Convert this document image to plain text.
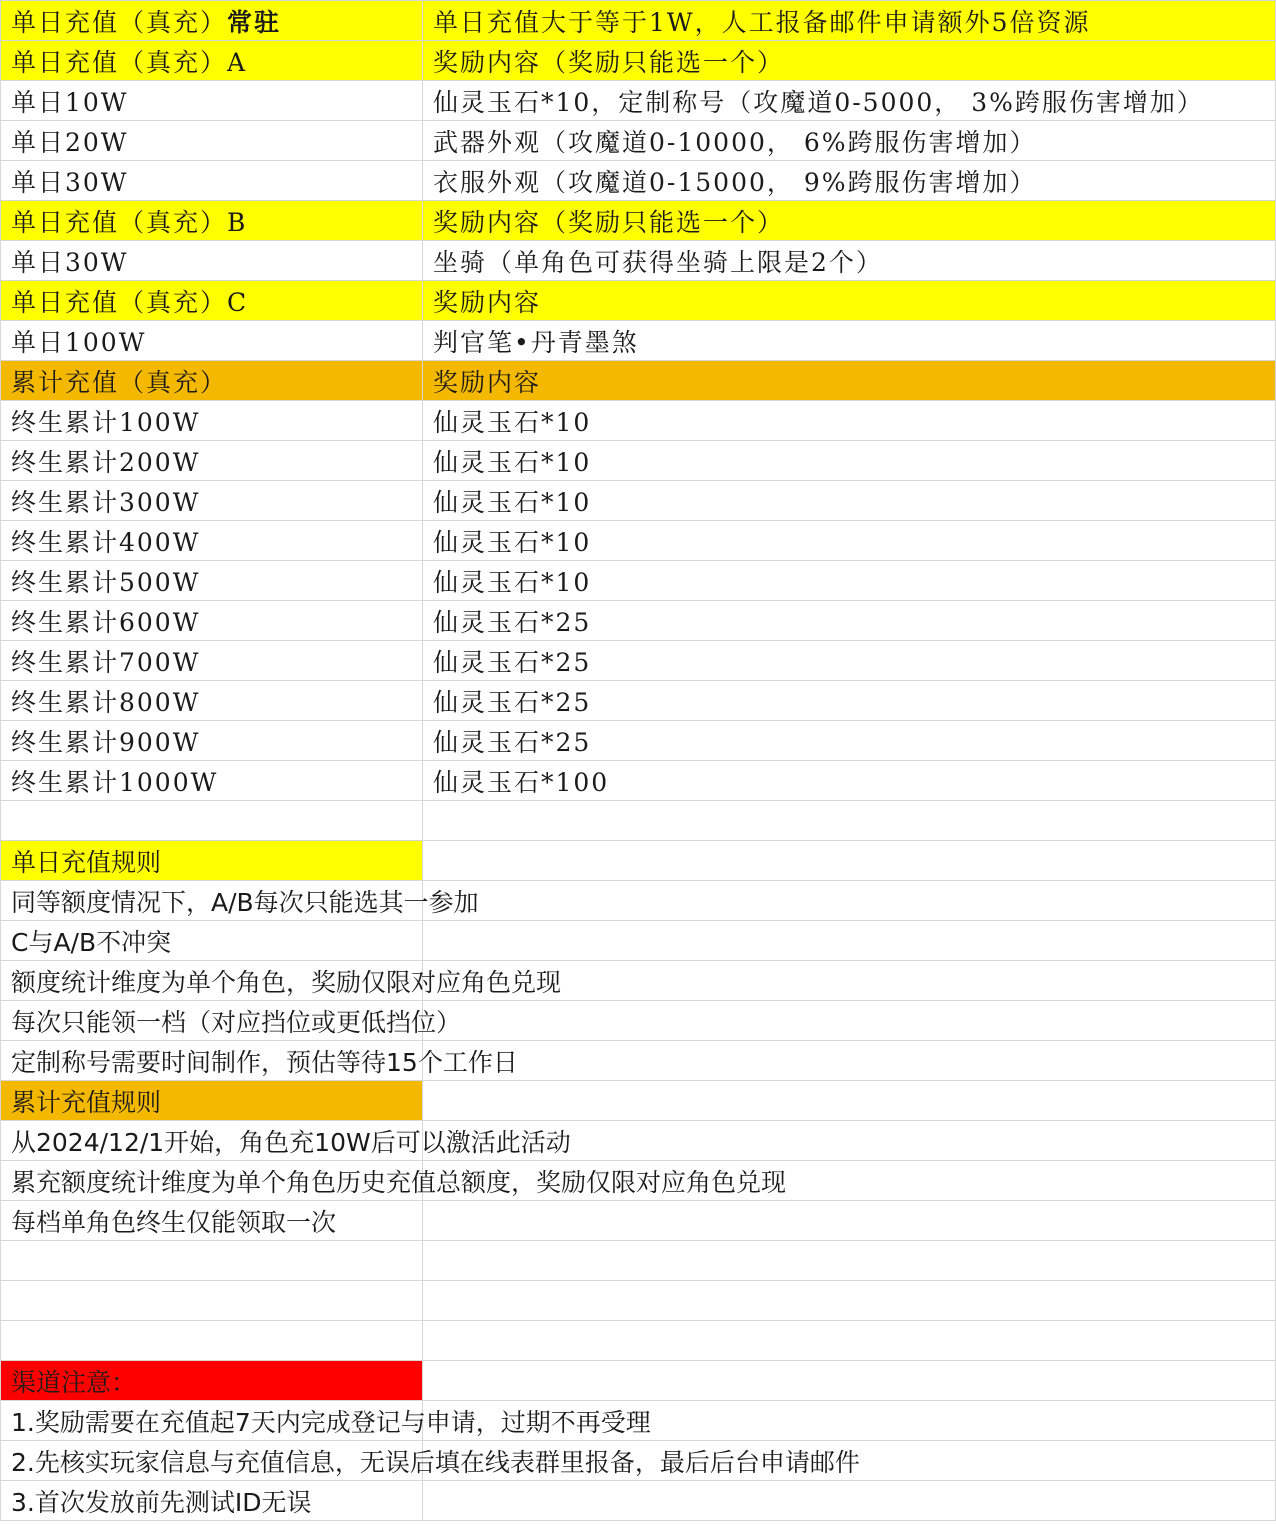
单日充值（真充） 常驻	单日充值大于等于1W，人工报备邮件申请额外5倍资源
单日充值（真充）A	奖励内容（奖励只能选一个）
单日10W	仙灵玉石*10，定制称号（攻魔道0-5000， 3%跨服伤害增加）
单日20W	武器外观（攻魔道0-10000， 6%跨服伤害增加）
单日30W	衣服外观（攻魔道0-15000， 9%跨服伤害增加）
单日充值（真充）B	奖励内容（奖励只能选一个）
单日30W	坐骑（单角色可获得坐骑上限是2个）
单日充值（真充）C	奖励内容
单日100W	判官笔•丹青墨煞
累计充值（真充）	奖励内容
终生累计100W	仙灵玉石*10
终生累计200W	仙灵玉石*10
终生累计300W	仙灵玉石*10
终生累计400W	仙灵玉石*10
终生累计500W	仙灵玉石*10
终生累计600W	仙灵玉石*25
终生累计700W	仙灵玉石*25
终生累计800W	仙灵玉石*25
终生累计900W	仙灵玉石*25
终生累计1000W	仙灵玉石*100
单日充值规则
同等额度情况下，A/B每次只能选其一参加
C与A/B不冲突
额度统计维度为单个角色，奖励仅限对应角色兑现
每次只能领一档（对应挡位或更低挡位）
定制称号需要时间制作，预估等待15个工作日
累计充值规则
从2024/12/1开始，角色充10W后可以激活此活动
累充额度统计维度为单个角色历史充值总额度，奖励仅限对应角色兑现
每档单角色终生仅能领取一次
渠道注意：
1.奖励需要在充值起7天内完成登记与申请，过期不再受理
2.先核实玩家信息与充值信息，无误后填在线表群里报备，最后后台申请邮件
3.首次发放前先测试ID无误
